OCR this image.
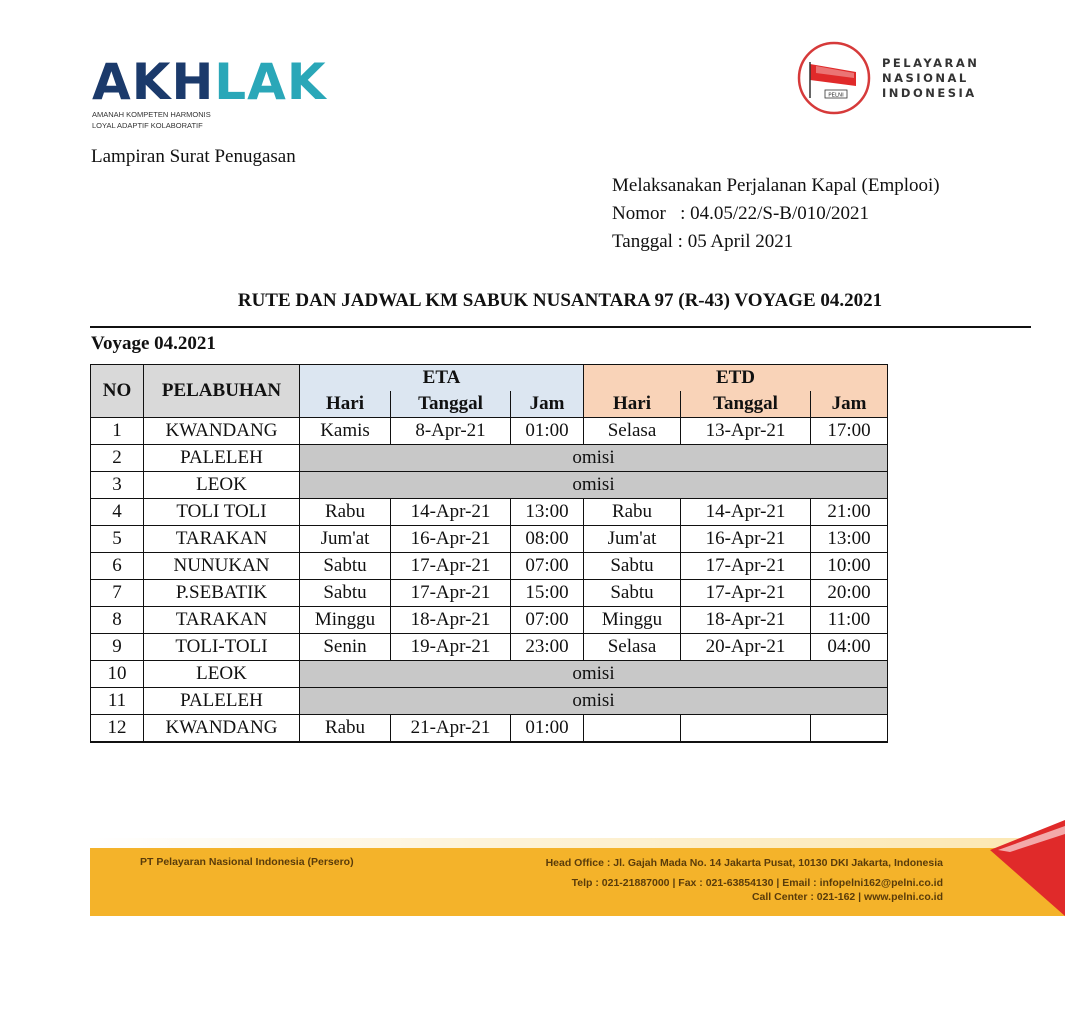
AKHLAK
AMANAH KOMPETEN HARMONIS
LOYAL ADAPTIF KOLABORATIF
PELNI
PELAYARAN
NASIONAL
INDONESIA
Lampiran Surat Penugasan
Melaksanakan Perjalanan Kapal (Emplooi)
Nomor   : 04.05/22/S-B/010/2021
Tanggal : 05 April 2021
RUTE DAN JADWAL KM SABUK NUSANTARA 97 (R-43) VOYAGE 04.2021
Voyage 04.2021
NO	PELABUHAN	ETA			ETD		
		Hari	Tanggal	Jam	Hari	Tanggal	Jam
1	KWANDANG	Kamis	8-Apr-21	01:00	Selasa	13-Apr-21	17:00
2	PALELEH	omisi					
3	LEOK	omisi					
4	TOLI TOLI	Rabu	14-Apr-21	13:00	Rabu	14-Apr-21	21:00
5	TARAKAN	Jum'at	16-Apr-21	08:00	Jum'at	16-Apr-21	13:00
6	NUNUKAN	Sabtu	17-Apr-21	07:00	Sabtu	17-Apr-21	10:00
7	P.SEBATIK	Sabtu	17-Apr-21	15:00	Sabtu	17-Apr-21	20:00
8	TARAKAN	Minggu	18-Apr-21	07:00	Minggu	18-Apr-21	11:00
9	TOLI-TOLI	Senin	19-Apr-21	23:00	Selasa	20-Apr-21	04:00
10	LEOK	omisi					
11	PALELEH	omisi					
12	KWANDANG	Rabu	21-Apr-21	01:00			
PT Pelayaran Nasional Indonesia (Persero)	Head Office : Jl. Gajah Mada No. 14 Jakarta Pusat, 10130 DKI Jakarta, Indonesia
Telp : 021-21887000 | Fax : 021-63854130 | Email : infopelni162@pelni.co.id
Call Center : 021-162 | www.pelni.co.id
